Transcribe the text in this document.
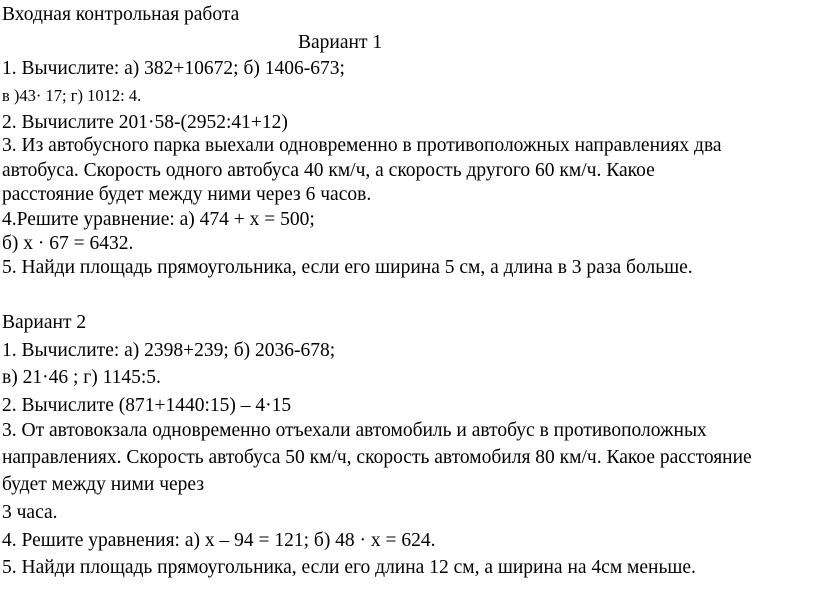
Входная контрольная работа
Вариант 1
1. Вычислите: а) 382+10672; б) 1406-673;
в )43· 17; г) 1012: 4.
2. Вычислите 201·58-(2952:41+12)
3. Из автобусного парка выехали одновременно в противоположных направлениях два
автобуса. Скорость одного автобуса 40 км/ч, а скорость другого 60 км/ч. Какое
расстояние будет между ними через 6 часов.
4.Решите уравнение: а) 474 + х = 500;
б) х · 67 = 6432.
5. Найди площадь прямоугольника, если его ширина 5 см, а длина в 3 раза больше.
Вариант 2
1. Вычислите: а) 2398+239; б) 2036-678;
в) 21·46 ; г) 1145:5.
2. Вычислите (871+1440:15) – 4·15
3. От автовокзала одновременно отъехали автомобиль и автобус в противоположных
направлениях. Скорость автобуса 50 км/ч, скорость автомобиля 80 км/ч. Какое расстояние
будет между ними через
3 часа.
4. Решите уравнения: а) х – 94 = 121; б) 48 · х = 624.
5. Найди площадь прямоугольника, если его длина 12 см, а ширина на 4см меньше.
